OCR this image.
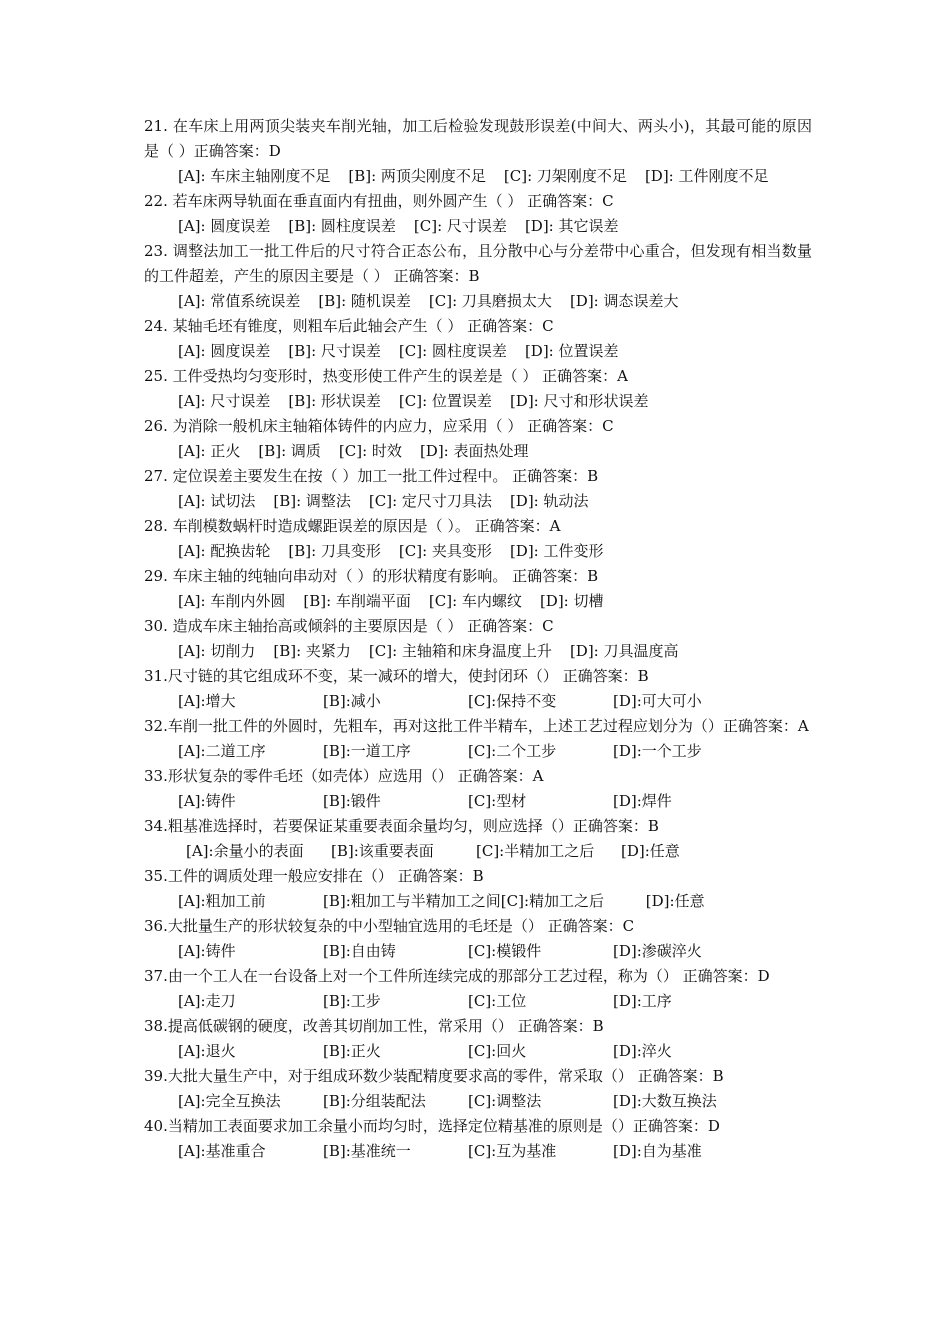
21. 在车床上用两顶尖装夹车削光轴，加工后检验发现鼓形误差(中间大、两头小)，其最可能的原因是（ ）正确答案：D

[A]: 车床主轴刚度不足 [B]: 两顶尖刚度不足 [C]: 刀架刚度不足 [D]: 工件刚度不足

22. 若车床两导轨面在垂直面内有扭曲，则外圆产生（ ） 正确答案：C

[A]: 圆度误差 [B]: 圆柱度误差 [C]: 尺寸误差 [D]: 其它误差

23. 调整法加工一批工件后的尺寸符合正态公布，且分散中心与分差带中心重合，但发现有相当数量的工件超差，产生的原因主要是（ ） 正确答案：B

[A]: 常值系统误差 [B]: 随机误差 [C]: 刀具磨损太大 [D]: 调态误差大

24. 某轴毛坯有锥度，则粗车后此轴会产生（ ） 正确答案：C

[A]: 圆度误差 [B]: 尺寸误差 [C]: 圆柱度误差 [D]: 位置误差

25. 工件受热均匀变形时，热变形使工件产生的误差是（ ） 正确答案：A

[A]: 尺寸误差 [B]: 形状误差 [C]: 位置误差 [D]: 尺寸和形状误差

26. 为消除一般机床主轴箱体铸件的内应力，应采用（ ） 正确答案：C

[A]: 正火 [B]: 调质 [C]: 时效 [D]: 表面热处理

27. 定位误差主要发生在按（ ）加工一批工件过程中。 正确答案：B

[A]: 试切法 [B]: 调整法 [C]: 定尺寸刀具法 [D]: 轨动法

28. 车削模数蜗杆时造成螺距误差的原因是（ ）。 正确答案：A

[A]: 配换齿轮 [B]: 刀具变形 [C]: 夹具变形 [D]: 工件变形

29. 车床主轴的纯轴向串动对（ ）的形状精度有影响。 正确答案：B

[A]: 车削内外圆 [B]: 车削端平面 [C]: 车内螺纹 [D]: 切槽

30. 造成车床主轴抬高或倾斜的主要原因是（ ） 正确答案：C

[A]: 切削力 [B]: 夹紧力 [C]: 主轴箱和床身温度上升 [D]: 刀具温度高

31.尺寸链的其它组成环不变，某一减环的增大，使封闭环（） 正确答案：B

[A]:增大	[B]:减小	[C]:保持不变	[D]:可大可小

32.车削一批工件的外圆时，先粗车，再对这批工件半精车，上述工艺过程应划分为（）正确答案：A

[A]:二道工序	[B]:一道工序	[C]:二个工步	[D]:一个工步

33.形状复杂的零件毛坯（如壳体）应选用（） 正确答案：A

[A]:铸件	[B]:锻件	[C]:型材	[D]:焊件

34.粗基准选择时，若要保证某重要表面余量均匀，则应选择（）正确答案：B

[A]:余量小的表面	[B]:该重要表面	[C]:半精加工之后	[D]:任意

35.工件的调质处理一般应安排在（） 正确答案：B

[A]:粗加工前	[B]:粗加工与半精加工之间 [C]:精加工之后	[D]:任意

36.大批量生产的形状较复杂的中小型轴宜选用的毛坯是（） 正确答案：C

[A]:铸件	[B]:自由铸	[C]:模锻件	[D]:渗碳淬火

37.由一个工人在一台设备上对一个工件所连续完成的那部分工艺过程，称为（） 正确答案：D

[A]:走刀	[B]:工步	[C]:工位	[D]:工序

38.提高低碳钢的硬度，改善其切削加工性，常采用（） 正确答案：B

[A]:退火	[B]:正火	[C]:回火	[D]:淬火

39.大批大量生产中，对于组成环数少装配精度要求高的零件，常采取（） 正确答案：B

[A]:完全互换法	[B]:分组装配法	[C]:调整法	[D]:大数互换法

40.当精加工表面要求加工余量小而均匀时，选择定位精基准的原则是（）正确答案：D

[A]:基准重合	[B]:基准统一	[C]:互为基准	[D]:自为基准
